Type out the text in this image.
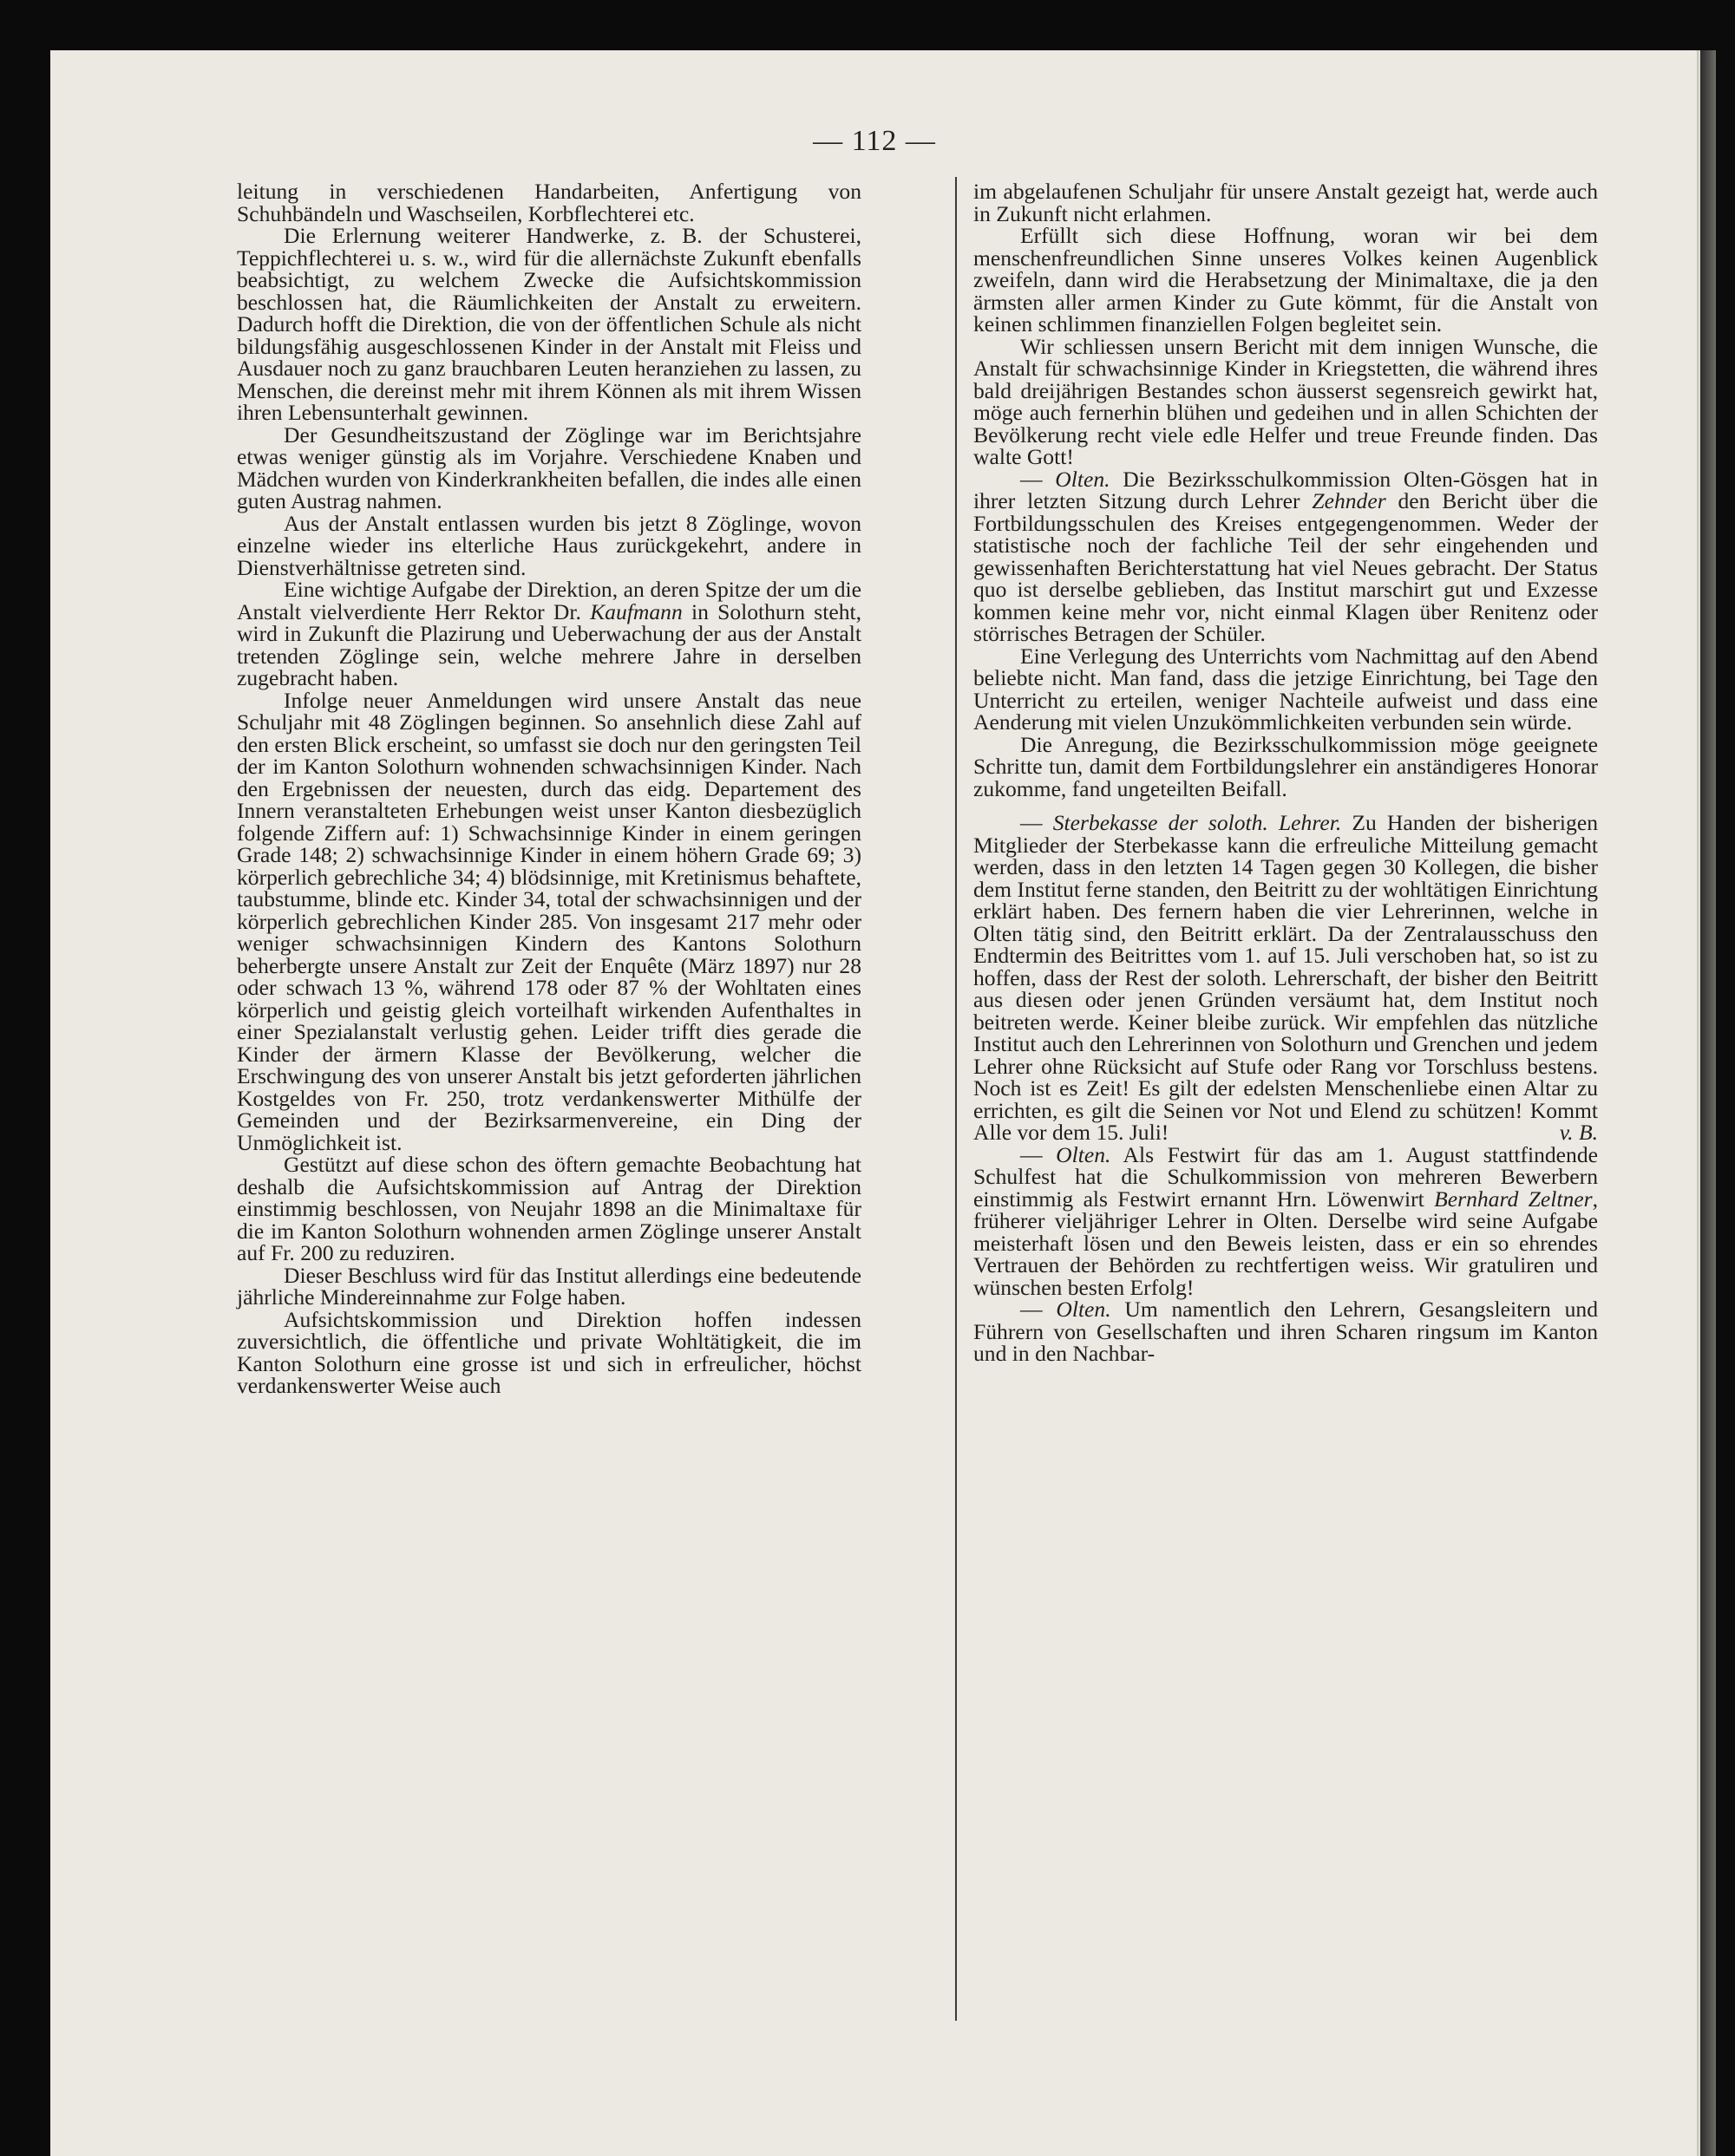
— 112 —

leitung in verschiedenen Handarbeiten, Anfertigung von Schuhbändeln und Waschseilen, Korbflechterei etc.

Die Erlernung weiterer Handwerke, z. B. der Schusterei, Teppichflechterei u. s. w., wird für die allernächste Zukunft ebenfalls beabsichtigt, zu welchem Zwecke die Aufsichtskommission beschlossen hat, die Räumlichkeiten der Anstalt zu erweitern. Dadurch hofft die Direktion, die von der öffentlichen Schule als nicht bildungsfähig ausgeschlossenen Kinder in der Anstalt mit Fleiss und Ausdauer noch zu ganz brauchbaren Leuten heranziehen zu lassen, zu Menschen, die dereinst mehr mit ihrem Können als mit ihrem Wissen ihren Lebensunterhalt gewinnen.

Der Gesundheitszustand der Zöglinge war im Berichtsjahre etwas weniger günstig als im Vorjahre. Verschiedene Knaben und Mädchen wurden von Kinderkrankheiten befallen, die indes alle einen guten Austrag nahmen.

Aus der Anstalt entlassen wurden bis jetzt 8 Zöglinge, wovon einzelne wieder ins elterliche Haus zurückgekehrt, andere in Dienstverhältnisse getreten sind.

Eine wichtige Aufgabe der Direktion, an deren Spitze der um die Anstalt vielverdiente Herr Rektor Dr. Kaufmann in Solothurn steht, wird in Zukunft die Plazirung und Ueberwachung der aus der Anstalt tretenden Zöglinge sein, welche mehrere Jahre in derselben zugebracht haben.

Infolge neuer Anmeldungen wird unsere Anstalt das neue Schuljahr mit 48 Zöglingen beginnen. So ansehnlich diese Zahl auf den ersten Blick erscheint, so umfasst sie doch nur den geringsten Teil der im Kanton Solothurn wohnenden schwachsinnigen Kinder. Nach den Ergebnissen der neuesten, durch das eidg. Departement des Innern veranstalteten Erhebungen weist unser Kanton diesbezüglich folgende Ziffern auf: 1) Schwachsinnige Kinder in einem geringen Grade 148; 2) schwachsinnige Kinder in einem höhern Grade 69; 3) körperlich gebrechliche 34; 4) blödsinnige, mit Kretinismus behaftete, taubstumme, blinde etc. Kinder 34, total der schwachsinnigen und der körperlich gebrechlichen Kinder 285. Von insgesamt 217 mehr oder weniger schwachsinnigen Kindern des Kantons Solothurn beherbergte unsere Anstalt zur Zeit der Enquête (März 1897) nur 28 oder schwach 13 %, während 178 oder 87 % der Wohltaten eines körperlich und geistig gleich vorteilhaft wirkenden Aufenthaltes in einer Spezialanstalt verlustig gehen. Leider trifft dies gerade die Kinder der ärmern Klasse der Bevölkerung, welcher die Erschwingung des von unserer Anstalt bis jetzt geforderten jährlichen Kostgeldes von Fr. 250, trotz verdankenswerter Mithülfe der Gemeinden und der Bezirksarmenvereine, ein Ding der Unmöglichkeit ist.

Gestützt auf diese schon des öftern gemachte Beobachtung hat deshalb die Aufsichtskommission auf Antrag der Direktion einstimmig beschlossen, von Neujahr 1898 an die Minimaltaxe für die im Kanton Solothurn wohnenden armen Zöglinge unserer Anstalt auf Fr. 200 zu reduziren.

Dieser Beschluss wird für das Institut allerdings eine bedeutende jährliche Mindereinnahme zur Folge haben.

Aufsichtskommission und Direktion hoffen indessen zuversichtlich, die öffentliche und private Wohltätigkeit, die im Kanton Solothurn eine grosse ist und sich in erfreulicher, höchst verdankenswerter Weise auch

im abgelaufenen Schuljahr für unsere Anstalt gezeigt hat, werde auch in Zukunft nicht erlahmen.

Erfüllt sich diese Hoffnung, woran wir bei dem menschenfreundlichen Sinne unseres Volkes keinen Augenblick zweifeln, dann wird die Herabsetzung der Minimaltaxe, die ja den ärmsten aller armen Kinder zu Gute kömmt, für die Anstalt von keinen schlimmen finanziellen Folgen begleitet sein.

Wir schliessen unsern Bericht mit dem innigen Wunsche, die Anstalt für schwachsinnige Kinder in Kriegstetten, die während ihres bald dreijährigen Bestandes schon äusserst segensreich gewirkt hat, möge auch fernerhin blühen und gedeihen und in allen Schichten der Bevölkerung recht viele edle Helfer und treue Freunde finden. Das walte Gott!

— Olten. Die Bezirksschulkommission Olten-Gösgen hat in ihrer letzten Sitzung durch Lehrer Zehnder den Bericht über die Fortbildungsschulen des Kreises entgegengenommen. Weder der statistische noch der fachliche Teil der sehr eingehenden und gewissenhaften Berichterstattung hat viel Neues gebracht. Der Status quo ist derselbe geblieben, das Institut marschirt gut und Exzesse kommen keine mehr vor, nicht einmal Klagen über Renitenz oder störrisches Betragen der Schüler.

Eine Verlegung des Unterrichts vom Nachmittag auf den Abend beliebte nicht. Man fand, dass die jetzige Einrichtung, bei Tage den Unterricht zu erteilen, weniger Nachteile aufweist und dass eine Aenderung mit vielen Unzukömmlichkeiten verbunden sein würde.

Die Anregung, die Bezirksschulkommission möge geeignete Schritte tun, damit dem Fortbildungslehrer ein anständigeres Honorar zukomme, fand ungeteilten Beifall.

— Sterbekasse der soloth. Lehrer. Zu Handen der bisherigen Mitglieder der Sterbekasse kann die erfreuliche Mitteilung gemacht werden, dass in den letzten 14 Tagen gegen 30 Kollegen, die bisher dem Institut ferne standen, den Beitritt zu der wohltätigen Einrichtung erklärt haben. Des fernern haben die vier Lehrerinnen, welche in Olten tätig sind, den Beitritt erklärt. Da der Zentralausschuss den Endtermin des Beitrittes vom 1. auf 15. Juli verschoben hat, so ist zu hoffen, dass der Rest der soloth. Lehrerschaft, der bisher den Beitritt aus diesen oder jenen Gründen versäumt hat, dem Institut noch beitreten werde. Keiner bleibe zurück. Wir empfehlen das nützliche Institut auch den Lehrerinnen von Solothurn und Grenchen und jedem Lehrer ohne Rücksicht auf Stufe oder Rang vor Torschluss bestens. Noch ist es Zeit! Es gilt der edelsten Menschenliebe einen Altar zu errichten, es gilt die Seinen vor Not und Elend zu schützen! Kommt Alle vor dem 15. Juli!	v. B.

— Olten. Als Festwirt für das am 1. August stattfindende Schulfest hat die Schulkommission von mehreren Bewerbern einstimmig als Festwirt ernannt Hrn. Löwenwirt Bernhard Zeltner, früherer vieljähriger Lehrer in Olten. Derselbe wird seine Aufgabe meisterhaft lösen und den Beweis leisten, dass er ein so ehrendes Vertrauen der Behörden zu rechtfertigen weiss. Wir gratuliren und wünschen besten Erfolg!

— Olten. Um namentlich den Lehrern, Gesangsleitern und Führern von Gesellschaften und ihren Scharen ringsum im Kanton und in den Nachbar-
